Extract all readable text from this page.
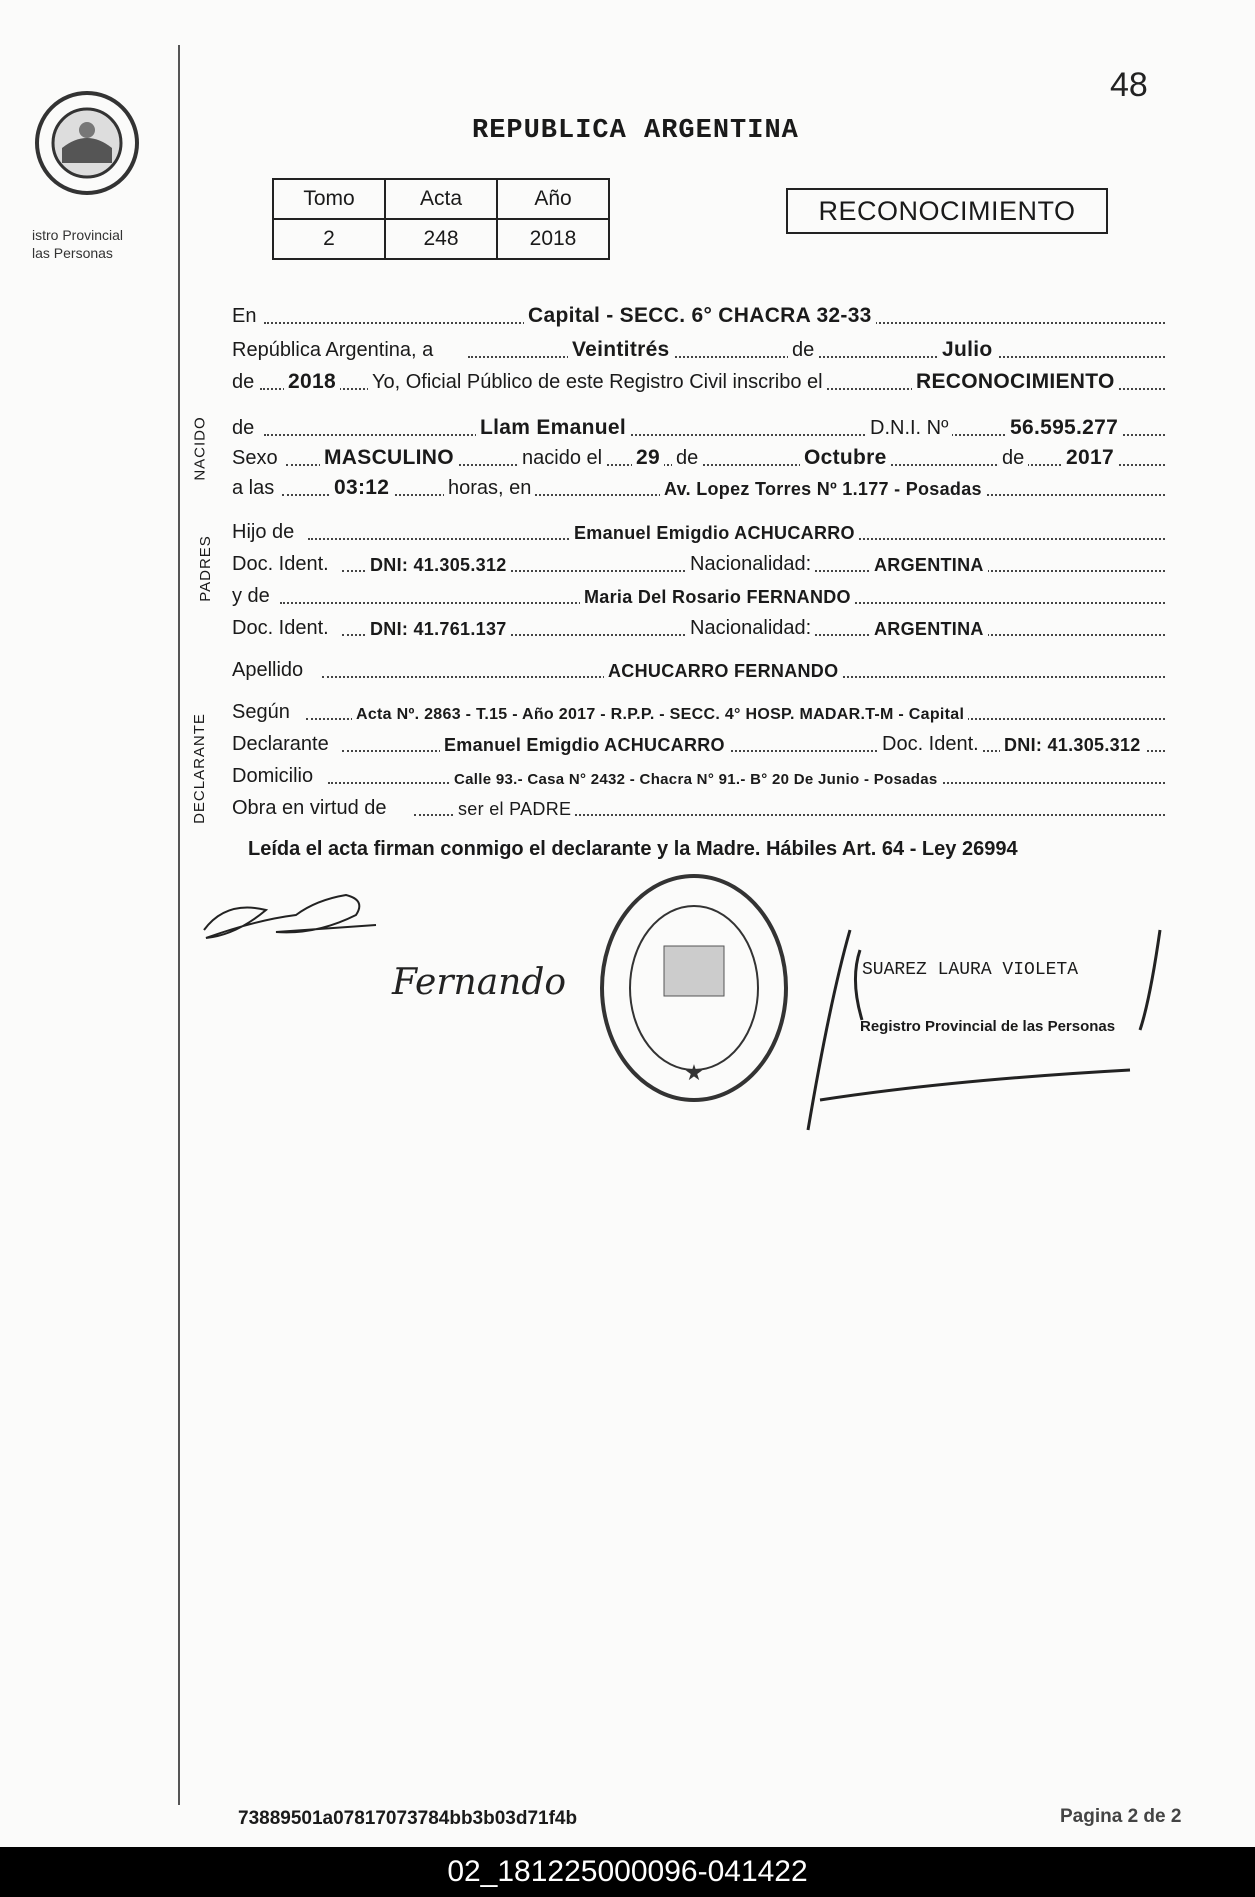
istro Provincial
las Personas
48
REPUBLICA ARGENTINA
Tomo	Acta	Año
2	248	2018
RECONOCIMIENTO
En	Capital - SECC. 6° CHACRA 32-33
República Argentina, a	Veintitrés	de	Julio
de 2018 Yo, Oficial Público de este Registro Civil inscribo el	RECONOCIMIENTO
NACIDO de	Llam Emanuel	D.N.I. Nº	56.595.277
Sexo MASCULINO	nacido el 29 de	Octubre	de 2017
a las	03:12	horas, en	Av. Lopez Torres Nº 1.177 - Posadas
PADRES
Hijo de	Emanuel Emigdio ACHUCARRO
Doc. Ident. DNI: 41.305.312	Nacionalidad:	ARGENTINA
y de	Maria Del Rosario FERNANDO
Doc. Ident. DNI: 41.761.137	Nacionalidad:	ARGENTINA
Apellido	ACHUCARRO FERNANDO
DECLARANTE
Según	Acta Nº. 2863 - T.15 - Año 2017 - R.P.P. - SECC. 4° HOSP. MADAR.T-M - Capital
Declarante	Emanuel Emigdio ACHUCARRO	Doc. Ident. DNI: 41.305.312
Domicilio	Calle 93.- Casa N° 2432 - Chacra N° 91.- B° 20 De Junio - Posadas
Obra en virtud de	ser el PADRE
Leída el acta firman conmigo el declarante y la Madre. Hábiles Art. 64 - Ley 26994
Fernando
★
SUAREZ LAURA VIOLETA
Registro Provincial de las Personas
73889501a07817073784bb3b03d71f4b	Pagina 2 de 2
02_181225000096-041422
